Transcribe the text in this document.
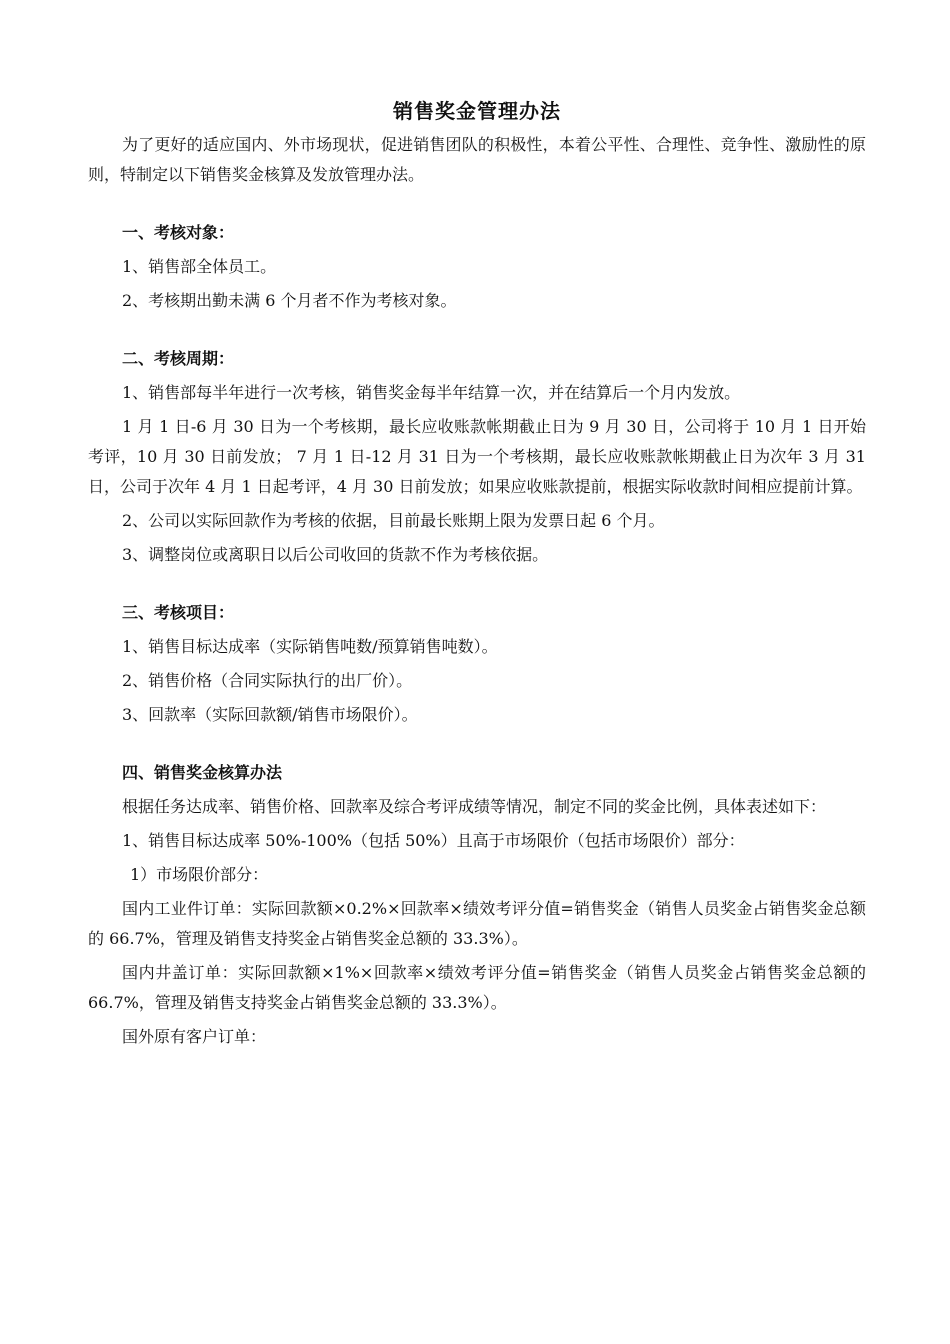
销售奖金管理办法

为了更好的适应国内、外市场现状，促进销售团队的积极性，本着公平性、合理性、竞争性、激励性的原则，特制定以下销售奖金核算及发放管理办法。

一、考核对象：

1、销售部全体员工。

2、考核期出勤未满 6 个月者不作为考核对象。

二、考核周期：

1、销售部每半年进行一次考核，销售奖金每半年结算一次，并在结算后一个月内发放。

1 月 1 日-6 月 30 日为一个考核期，最长应收账款帐期截止日为 9 月 30 日，公司将于 10 月 1 日开始考评，10 月 30 日前发放； 7 月 1 日-12 月 31 日为一个考核期，最长应收账款帐期截止日为次年 3 月 31 日，公司于次年 4 月 1 日起考评，4 月 30 日前发放；如果应收账款提前，根据实际收款时间相应提前计算。

2、公司以实际回款作为考核的依据，目前最长账期上限为发票日起 6 个月。

3、调整岗位或离职日以后公司收回的货款不作为考核依据。

三、考核项目：

1、销售目标达成率（实际销售吨数/预算销售吨数）。

2、销售价格（合同实际执行的出厂价）。

3、回款率（实际回款额/销售市场限价）。

四、销售奖金核算办法

根据任务达成率、销售价格、回款率及综合考评成绩等情况，制定不同的奖金比例，具体表述如下：

1、销售目标达成率 50%-100%（包括 50%）且高于市场限价（包括市场限价）部分：

1）市场限价部分：

国内工业件订单：实际回款额×0.2%×回款率×绩效考评分值=销售奖金（销售人员奖金占销售奖金总额的 66.7%，管理及销售支持奖金占销售奖金总额的 33.3%）。

国内井盖订单：实际回款额×1%×回款率×绩效考评分值=销售奖金（销售人员奖金占销售奖金总额的 66.7%，管理及销售支持奖金占销售奖金总额的 33.3%）。

国外原有客户订单：
